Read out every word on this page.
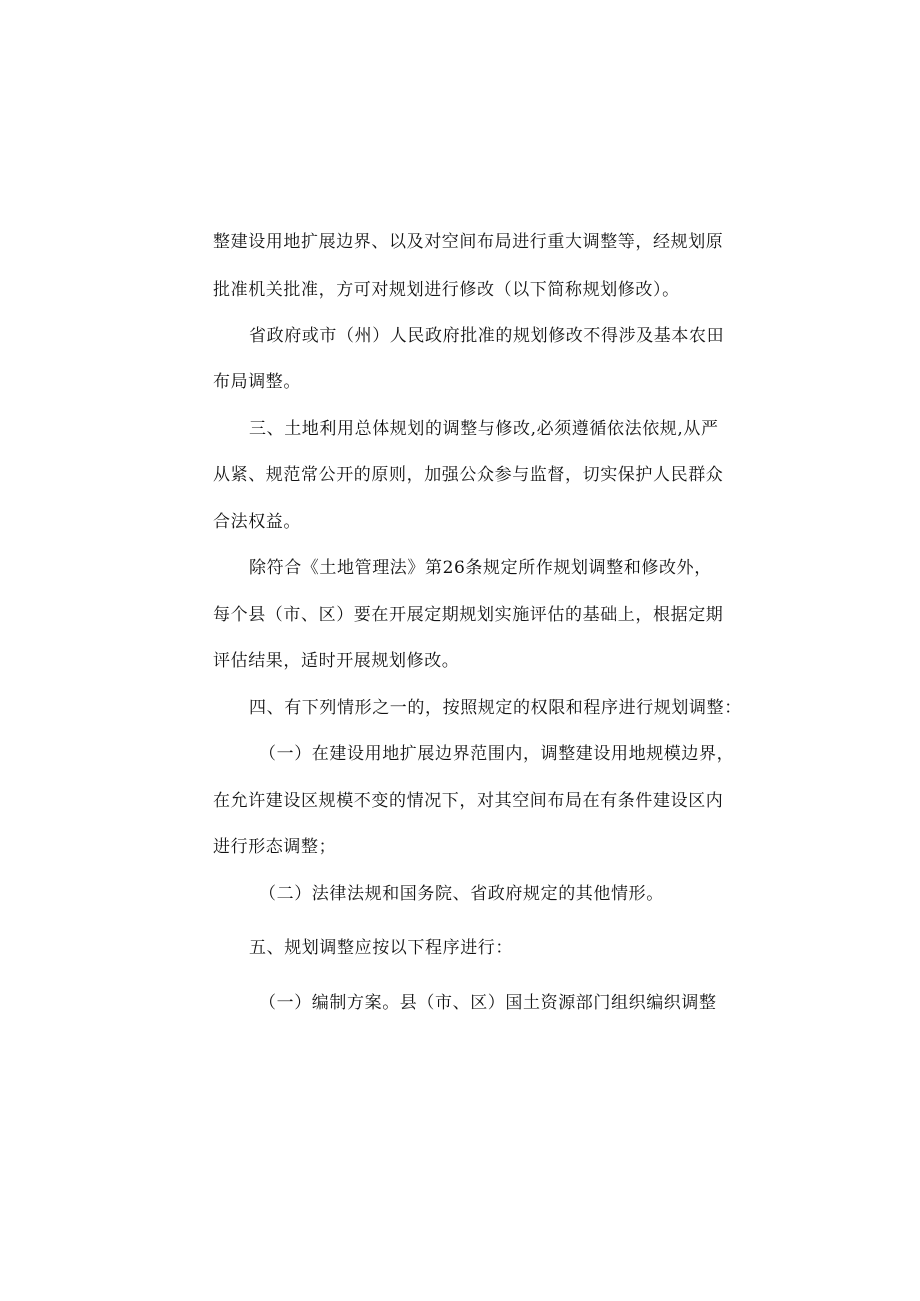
整建设用地扩展边界、以及对空间布局进行重大调整等，经规划原
批准机关批准，方可对规划进行修改（以下简称规划修改）。
省政府或市（州）人民政府批准的规划修改不得涉及基本农田
布局调整。
三、土地利用总体规划的调整与修改,必须遵循依法依规,从严
从紧、规范常公开的原则，加强公众参与监督，切实保护人民群众
合法权益。
除符合《土地管理法》第26条规定所作规划调整和修改外，
每个县（市、区）要在开展定期规划实施评估的基础上，根据定期
评估结果，适时开展规划修改。
四、有下列情形之一的，按照规定的权限和程序进行规划调整：
（一）在建设用地扩展边界范围内，调整建设用地规模边界，
在允许建设区规模不变的情况下，对其空间布局在有条件建设区内
进行形态调整；
（二）法律法规和国务院、省政府规定的其他情形。
五、规划调整应按以下程序进行：
（一）编制方案。县（市、区）国土资源部门组织编织调整
